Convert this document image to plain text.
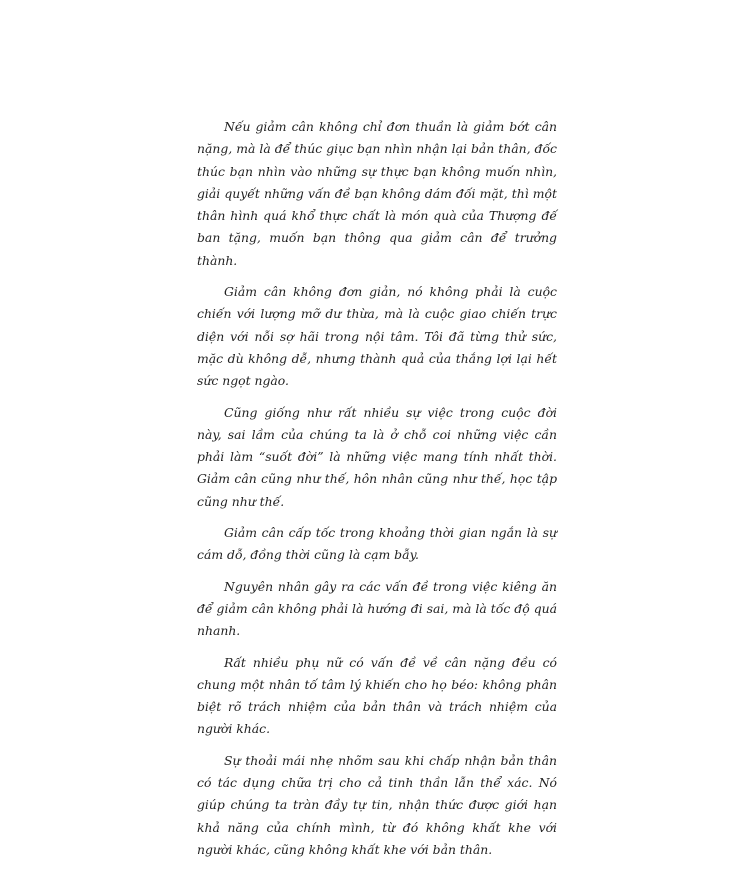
Nếu giảm cân không chỉ đơn thuần là giảm bớt cân nặng, mà là để thúc giục bạn nhìn nhận lại bản thân, đốc thúc bạn nhìn vào những sự thực bạn không muốn nhìn, giải quyết những vấn đề bạn không dám đối mặt, thì một thân hình quá khổ thực chất là món quà của Thượng đế ban tặng, muốn bạn thông qua giảm cân để trưởng thành.

Giảm cân không đơn giản, nó không phải là cuộc chiến với lượng mỡ dư thừa, mà là cuộc giao chiến trực diện với nỗi sợ hãi trong nội tâm. Tôi đã từng thử sức, mặc dù không dễ, nhưng thành quả của thắng lợi lại hết sức ngọt ngào.

Cũng giống như rất nhiều sự việc trong cuộc đời này, sai lầm của chúng ta là ở chỗ coi những việc cần phải làm “suốt đời” là những việc mang tính nhất thời. Giảm cân cũng như thế, hôn nhân cũng như thế, học tập cũng như thế.

Giảm cân cấp tốc trong khoảng thời gian ngắn là sự cám dỗ, đồng thời cũng là cạm bẫy.

Nguyên nhân gây ra các vấn đề trong việc kiêng ăn để giảm cân không phải là hướng đi sai, mà là tốc độ quá nhanh.

Rất nhiều phụ nữ có vấn đề về cân nặng đều có chung một nhân tố tâm lý khiến cho họ béo: không phân biệt rõ trách nhiệm của bản thân và trách nhiệm của người khác.

Sự thoải mái nhẹ nhõm sau khi chấp nhận bản thân có tác dụng chữa trị cho cả tinh thần lẫn thể xác. Nó giúp chúng ta tràn đầy tự tin, nhận thức được giới hạn khả năng của chính mình, từ đó không khất khe với người khác, cũng không khất khe với bản thân.
